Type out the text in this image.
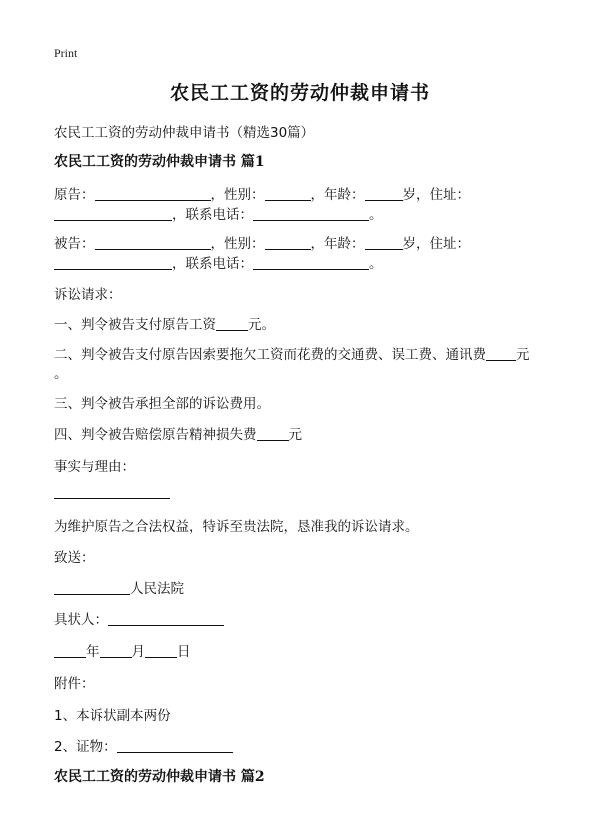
Print
农民工工资的劳动仲裁申请书
农民工工资的劳动仲裁申请书（精选30篇）
农民工工资的劳动仲裁申请书 篇1
原告：	，性别：	，年龄：	岁，住址：
，联系电话：	。
被告：	，性别：	，年龄：	岁，住址：
，联系电话：	。
诉讼请求：
一、判令被告支付原告工资 元。
二、判令被告支付原告因索要拖欠工资而花费的交通费、误工费、通讯费 元
。
三、判令被告承担全部的诉讼费用。
四、判令被告赔偿原告精神损失费 元
事实与理由：
为维护原告之合法权益，特诉至贵法院，恳准我的诉讼请求。
致送：
人民法院
具状人：
年 月 日
附件：
1、本诉状副本两份
2、证物：
农民工工资的劳动仲裁申请书 篇2
